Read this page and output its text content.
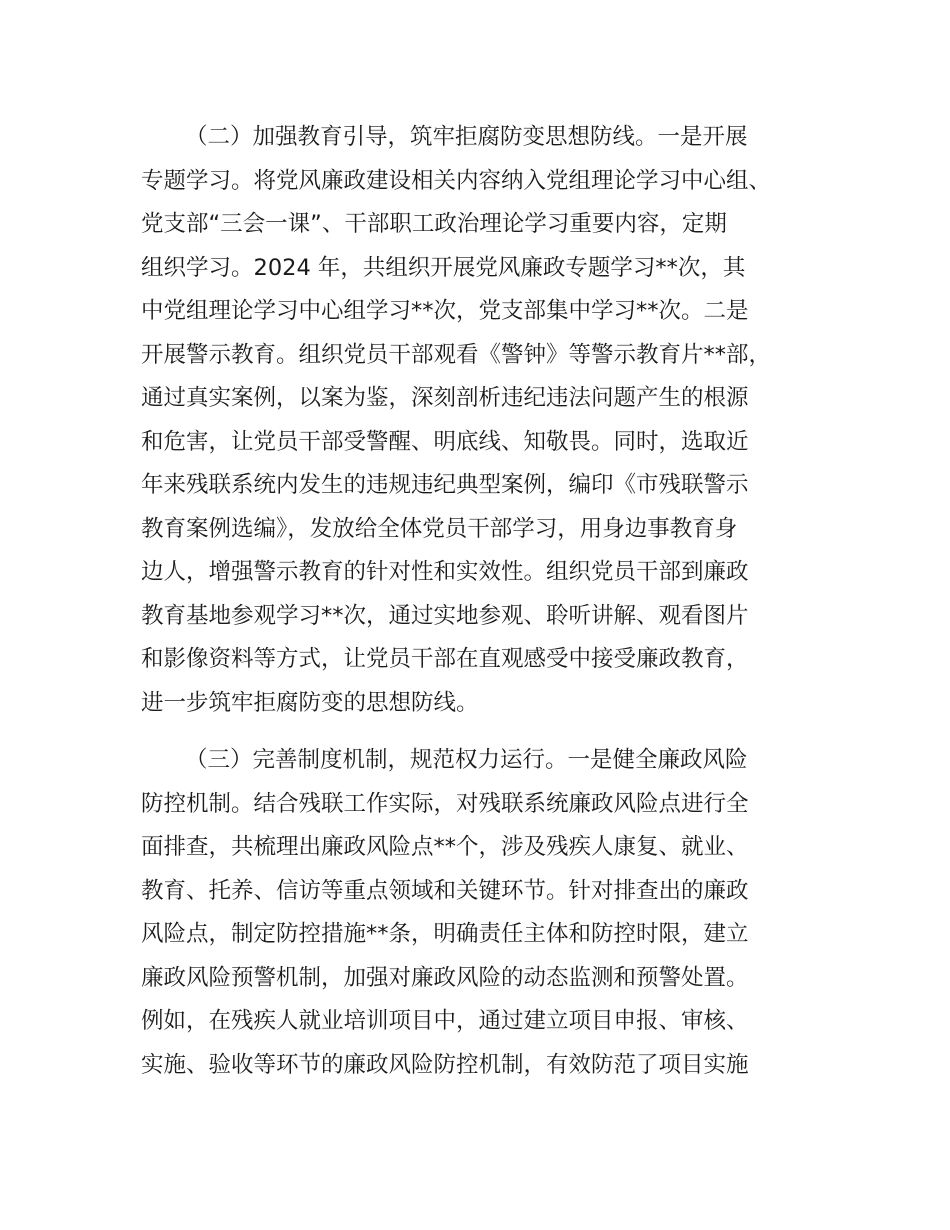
（二）加强教育引导，筑牢拒腐防变思想防线。一是开展
专题学习。将党风廉政建设相关内容纳入党组理论学习中心组、
党支部“三会一课”、干部职工政治理论学习重要内容，定期
组织学习。2024 年，共组织开展党风廉政专题学习**次，其
中党组理论学习中心组学习**次，党支部集中学习**次。二是
开展警示教育。组织党员干部观看《警钟》等警示教育片**部，
通过真实案例，以案为鉴，深刻剖析违纪违法问题产生的根源
和危害，让党员干部受警醒、明底线、知敬畏。同时，选取近
年来残联系统内发生的违规违纪典型案例，编印《市残联警示
教育案例选编》，发放给全体党员干部学习，用身边事教育身
边人，增强警示教育的针对性和实效性。组织党员干部到廉政
教育基地参观学习**次，通过实地参观、聆听讲解、观看图片
和影像资料等方式，让党员干部在直观感受中接受廉政教育，
进一步筑牢拒腐防变的思想防线。
（三）完善制度机制，规范权力运行。一是健全廉政风险
防控机制。结合残联工作实际，对残联系统廉政风险点进行全
面排查，共梳理出廉政风险点**个，涉及残疾人康复、就业、
教育、托养、信访等重点领域和关键环节。针对排查出的廉政
风险点，制定防控措施**条，明确责任主体和防控时限，建立
廉政风险预警机制，加强对廉政风险的动态监测和预警处置。
例如，在残疾人就业培训项目中，通过建立项目申报、审核、
实施、验收等环节的廉政风险防控机制，有效防范了项目实施
